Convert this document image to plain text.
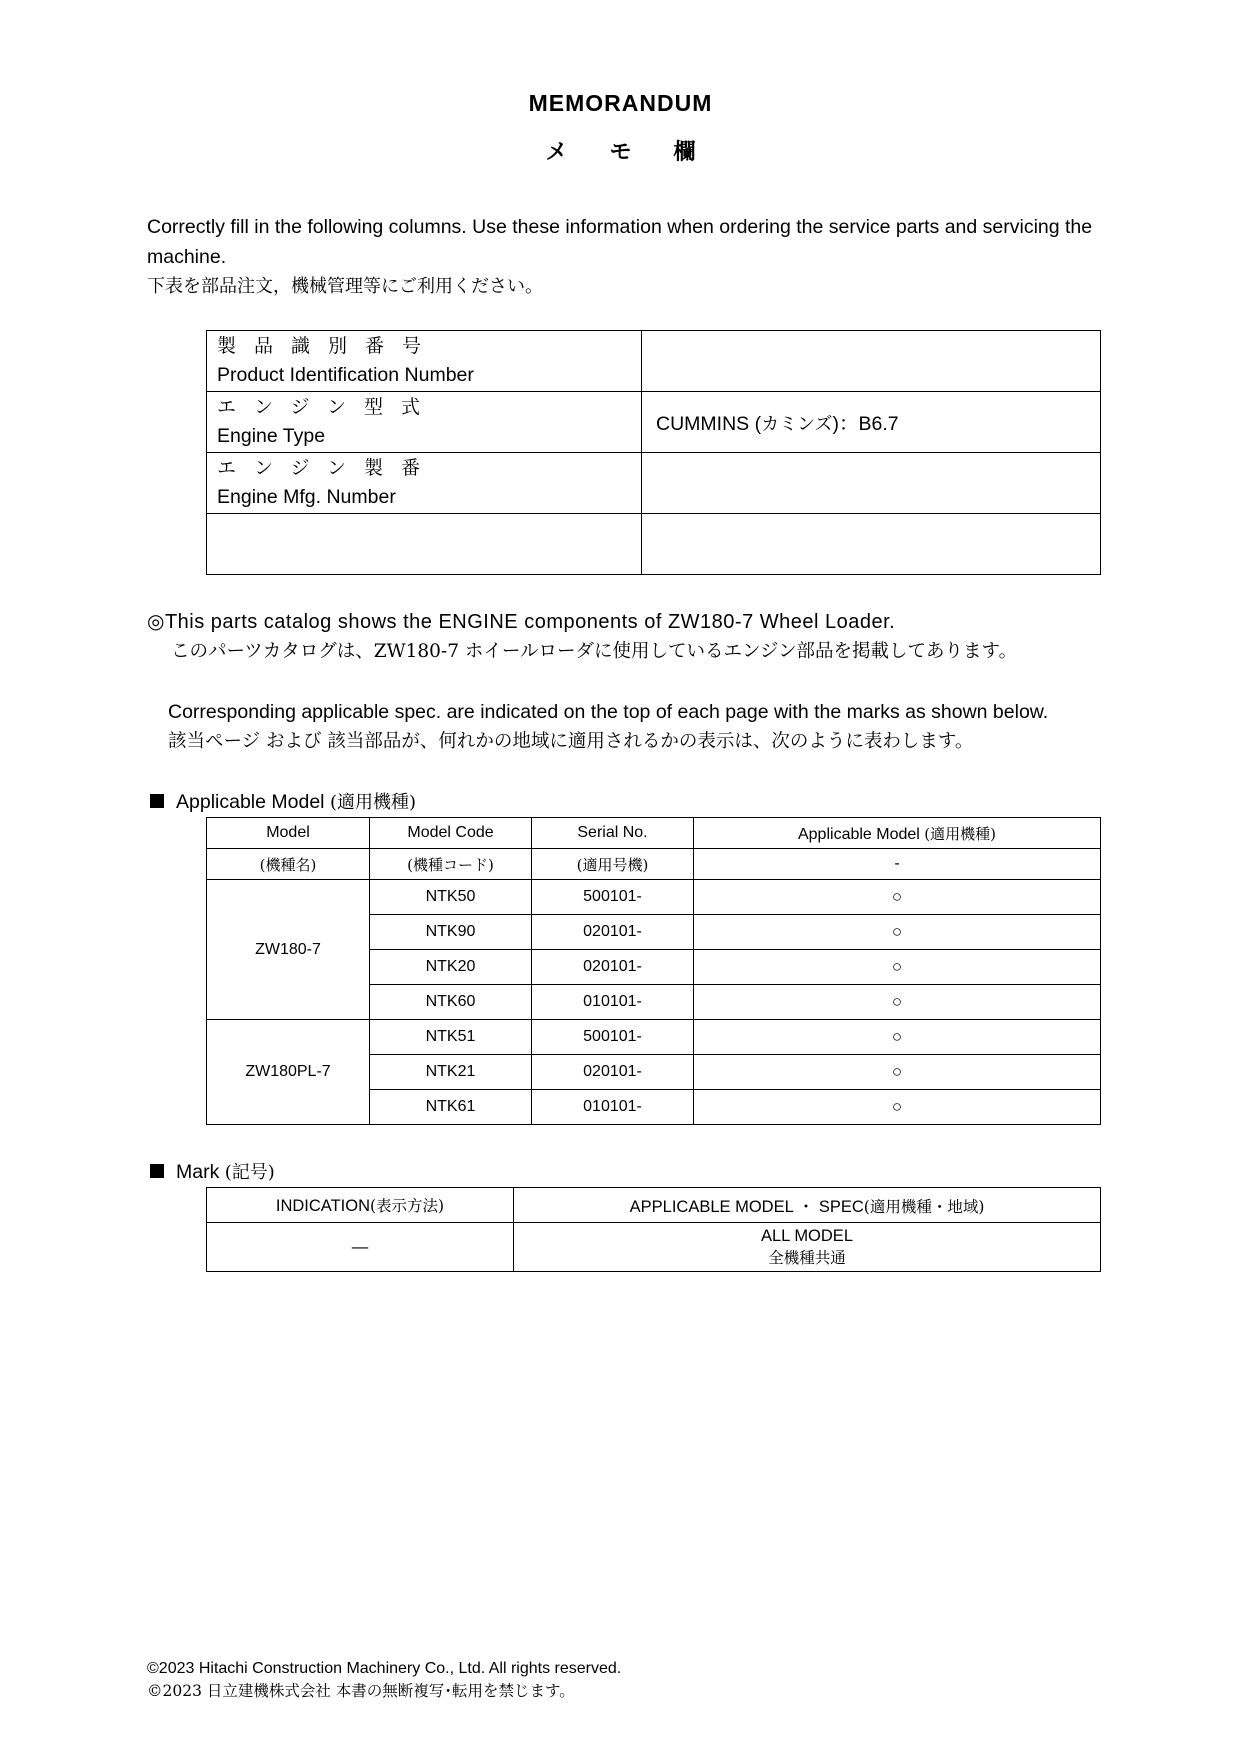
MEMORANDUM
メモ欄
Correctly fill in the following columns. Use these information when ordering the service parts and servicing the machine.
下表を部品注文，機械管理等にご利用ください。
製品識別番号
Product Identification Number	

エンジン型式
Engine Type	CUMMINS (カミンズ)：B6.7

エンジン製番
Engine Mfg. Number	

◎This parts catalog shows the ENGINE components of ZW180-7 Wheel Loader.
このパーツカタログは、ZW180-7 ホイールローダに使用しているエンジン部品を掲載してあります。
Corresponding applicable spec. are indicated on the top of each page with the marks as shown below.
該当ページ および 該当部品が、何れかの地域に適用されるかの表示は、次のように表わします。
Applicable Model (適用機種)
Model	Model Code	Serial No.	Applicable Model (適用機種)
(機種名)	(機種コード)	(適用号機)	-
ZW180-7	NTK50	500101-	○
	NTK90	020101-	○
	NTK20	020101-	○
	NTK60	010101-	○
ZW180PL-7	NTK51	500101-	○
	NTK21	020101-	○
	NTK61	010101-	○
Mark (記号)
INDICATION(表示方法)	APPLICABLE MODEL ・ SPEC(適用機種・地域)
—	ALL MODEL
全機種共通
©2023 Hitachi Construction Machinery Co., Ltd. All rights reserved.
©2023 日立建機株式会社 本書の無断複写･転用を禁じます。
